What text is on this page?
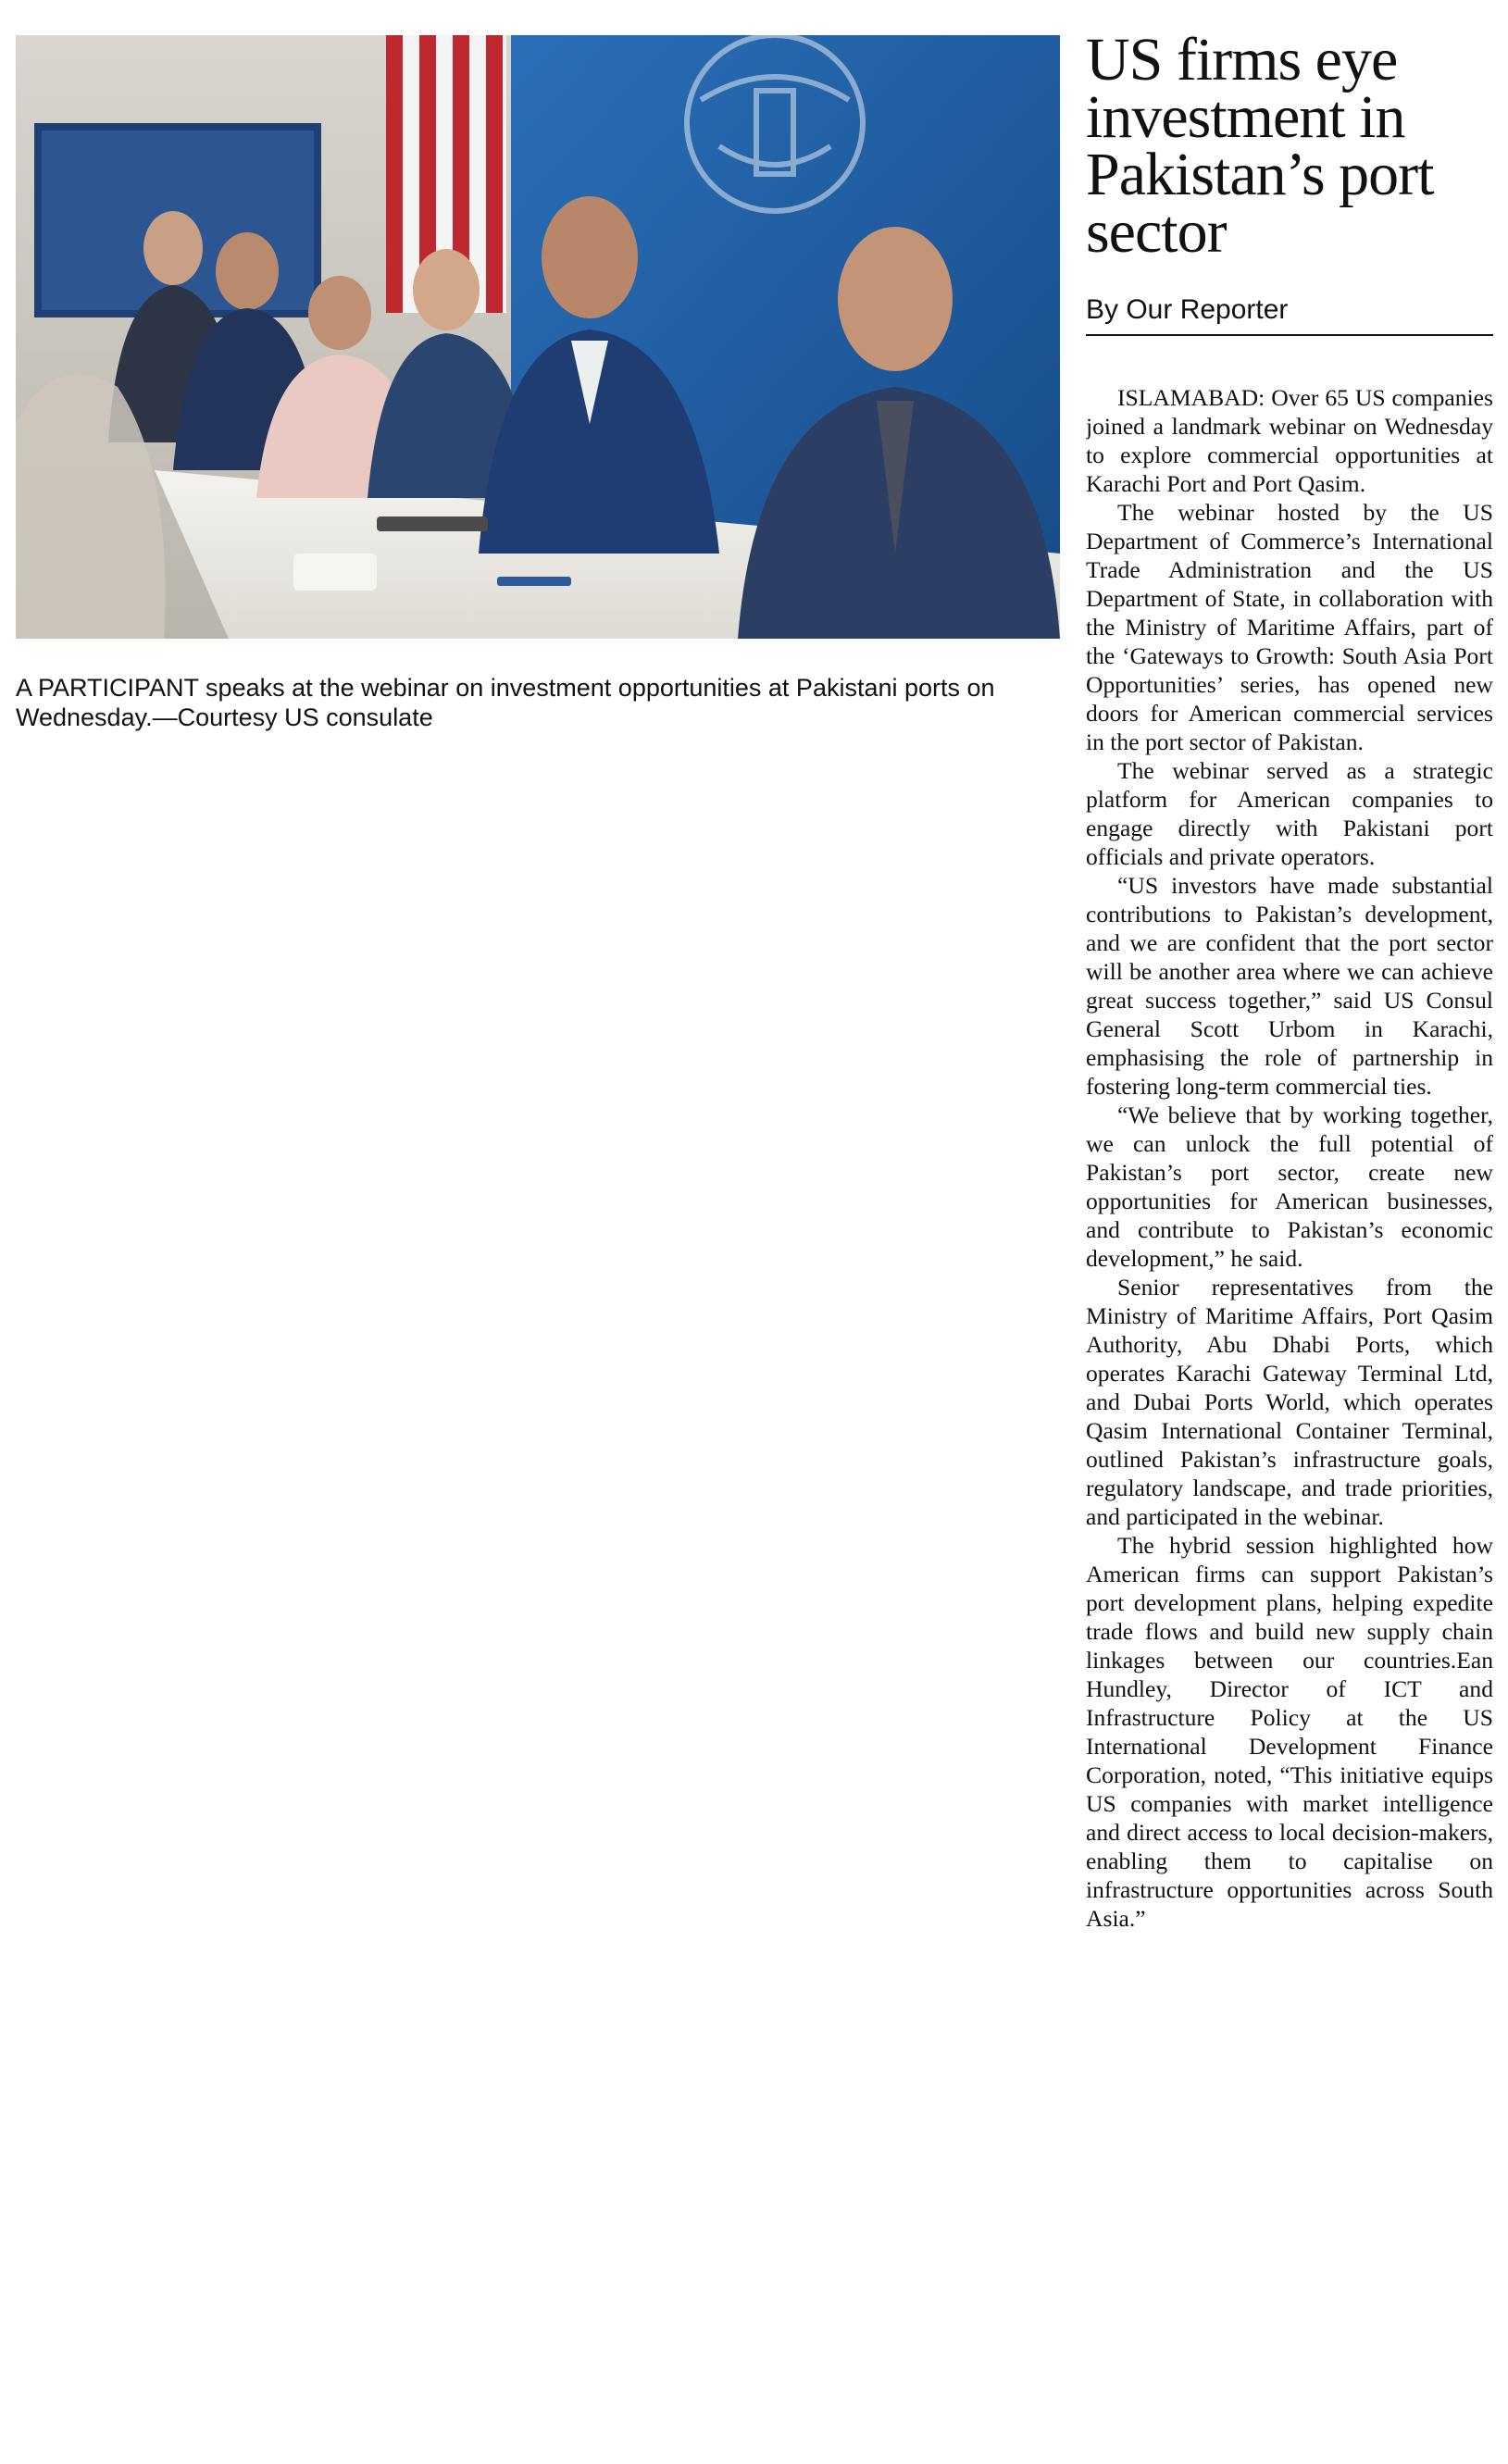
A PARTICIPANT speaks at the webinar on investment opportunities at Pakistani ports on Wednesday.—Courtesy US consulate

US firms eye investment in Pakistan’s port sector
By Our Reporter

ISLAMABAD: Over 65 US companies joined a landmark webinar on Wednesday to explore commercial opportunities at Karachi Port and Port Qasim.

The webinar hosted by the US Department of Commerce’s International Trade Administration and the US Department of State, in collaboration with the Ministry of Maritime Affairs, part of the ‘Gateways to Growth: South Asia Port Opportunities’ series, has opened new doors for American commercial services in the port sector of Pakistan.

The webinar served as a strategic platform for American companies to engage directly with Pakistani port officials and private operators.

“US investors have made substantial contributions to Pakistan’s development, and we are confident that the port sector will be another area where we can achieve great success together,” said US Consul General Scott Urbom in Karachi, emphasising the role of partnership in fostering long-term commercial ties.

“We believe that by working together, we can unlock the full potential of Pakistan’s port sector, create new opportunities for American businesses, and contribute to Pakistan’s economic development,” he said.

Senior representatives from the Ministry of Maritime Affairs, Port Qasim Authority, Abu Dhabi Ports, which operates Karachi Gateway Terminal Ltd, and Dubai Ports World, which operates Qasim International Container Terminal, outlined Pakistan’s infrastructure goals, regulatory landscape, and trade priorities, and participated in the webinar.

The hybrid session highlighted how American firms can support Pakistan’s port development plans, helping expedite trade flows and build new supply chain linkages between our countries.Ean Hundley, Director of ICT and Infrastructure Policy at the US International Development Finance Corporation, noted, “This initiative equips US companies with market intelligence and direct access to local decision-makers, enabling them to capitalise on infrastructure opportunities across South Asia.”
